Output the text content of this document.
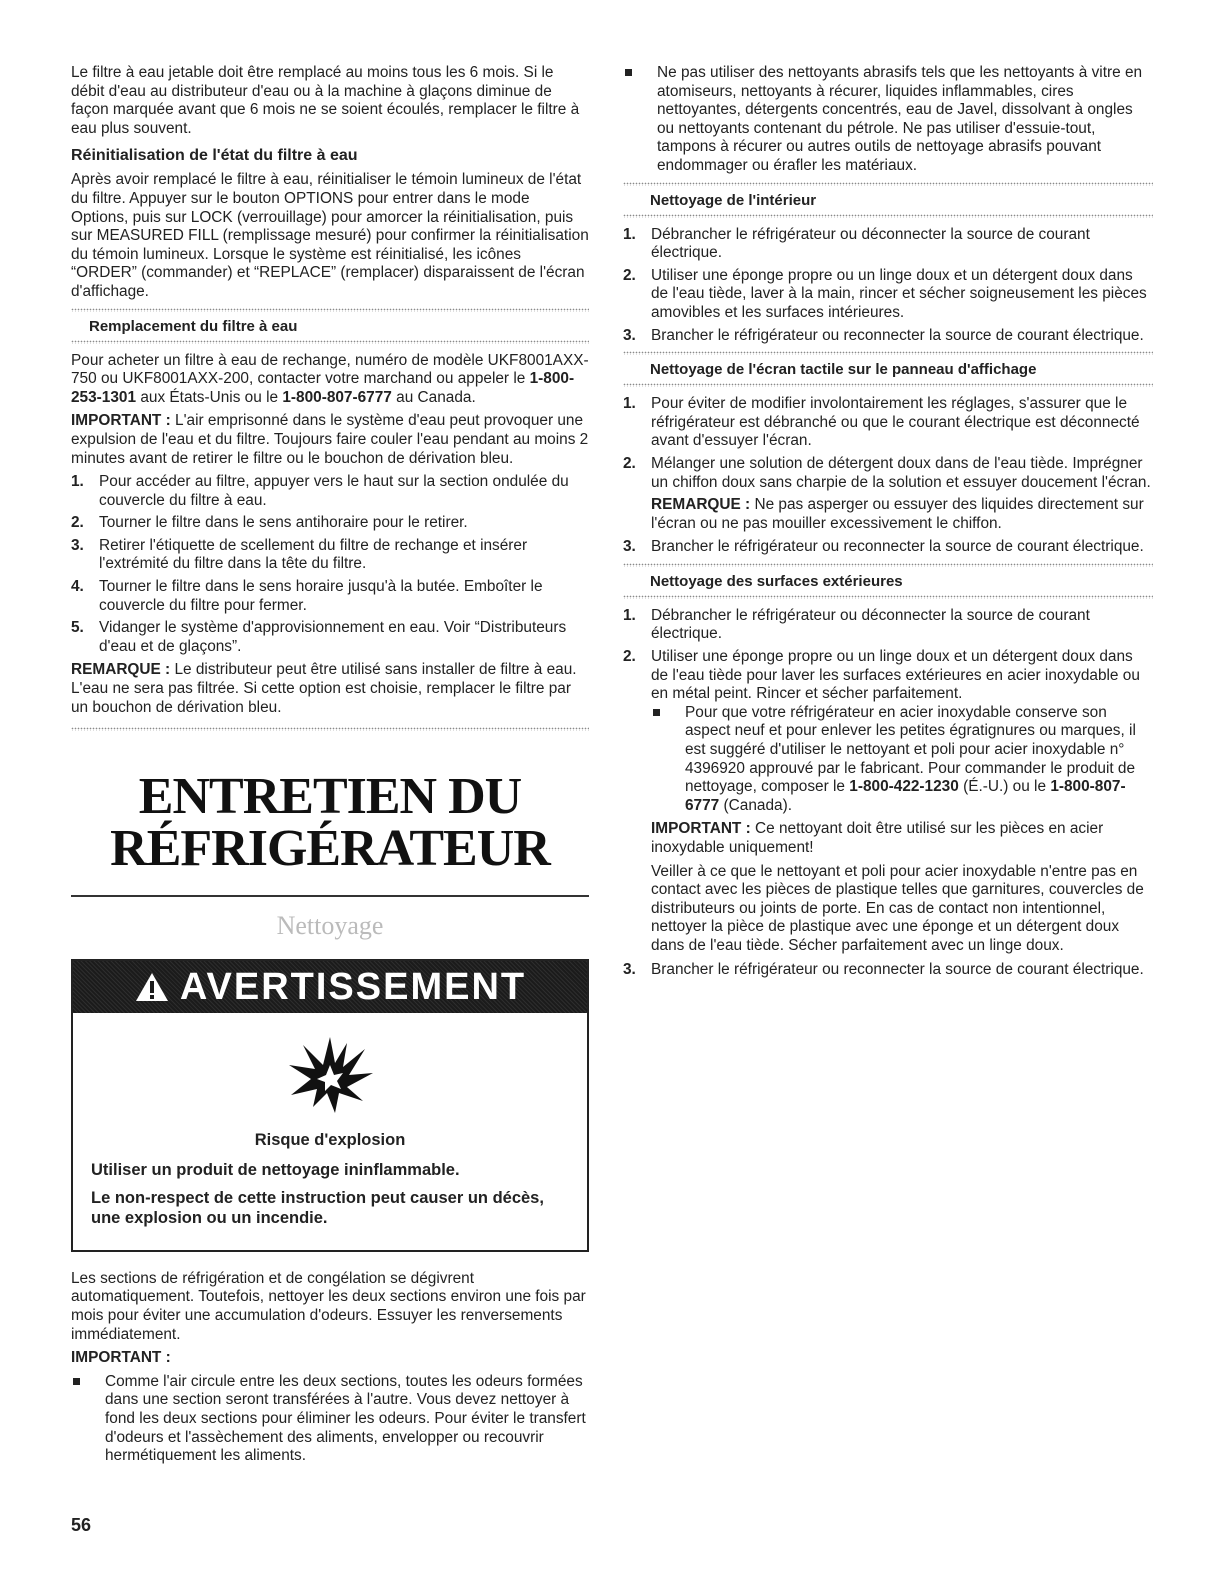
Le filtre à eau jetable doit être remplacé au moins tous les 6 mois. Si le débit d'eau au distributeur d'eau ou à la machine à glaçons diminue de façon marquée avant que 6 mois ne se soient écoulés, remplacer le filtre à eau plus souvent.

Réinitialisation de l'état du filtre à eau

Après avoir remplacé le filtre à eau, réinitialiser le témoin lumineux de l'état du filtre. Appuyer sur le bouton OPTIONS pour entrer dans le mode Options, puis sur LOCK (verrouillage) pour amorcer la réinitialisation, puis sur MEASURED FILL (remplissage mesuré) pour confirmer la réinitialisation du témoin lumineux. Lorsque le système est réinitialisé, les icônes “ORDER” (commander) et “REPLACE” (remplacer) disparaissent de l'écran d'affichage.

Remplacement du filtre à eau

Pour acheter un filtre à eau de rechange, numéro de modèle UKF8001AXX-750 ou UKF8001AXX-200, contacter votre marchand ou appeler le 1-800-253-1301 aux États-Unis ou le 1-800-807-6777 au Canada.

IMPORTANT : L'air emprisonné dans le système d'eau peut provoquer une expulsion de l'eau et du filtre. Toujours faire couler l'eau pendant au moins 2 minutes avant de retirer le filtre ou le bouchon de dérivation bleu.

1. Pour accéder au filtre, appuyer vers le haut sur la section ondulée du couvercle du filtre à eau.
2. Tourner le filtre dans le sens antihoraire pour le retirer.
3. Retirer l'étiquette de scellement du filtre de rechange et insérer l'extrémité du filtre dans la tête du filtre.
4. Tourner le filtre dans le sens horaire jusqu'à la butée. Emboîter le couvercle du filtre pour fermer.
5. Vidanger le système d'approvisionnement en eau. Voir “Distributeurs d'eau et de glaçons”.

REMARQUE : Le distributeur peut être utilisé sans installer de filtre à eau. L'eau ne sera pas filtrée. Si cette option est choisie, remplacer le filtre par un bouchon de dérivation bleu.

ENTRETIEN DU
RÉFRIGÉRATEUR
Nettoyage
AVERTISSEMENT

Risque d'explosion

Utiliser un produit de nettoyage ininflammable.

Le non-respect de cette instruction peut causer un décès, une explosion ou un incendie.

Les sections de réfrigération et de congélation se dégivrent automatiquement. Toutefois, nettoyer les deux sections environ une fois par mois pour éviter une accumulation d'odeurs. Essuyer les renversements immédiatement.

IMPORTANT :

Comme l'air circule entre les deux sections, toutes les odeurs formées dans une section seront transférées à l'autre. Vous devez nettoyer à fond les deux sections pour éliminer les odeurs. Pour éviter le transfert d'odeurs et l'assèchement des aliments, envelopper ou recouvrir hermétiquement les aliments.
Ne pas utiliser des nettoyants abrasifs tels que les nettoyants à vitre en atomiseurs, nettoyants à récurer, liquides inflammables, cires nettoyantes, détergents concentrés, eau de Javel, dissolvant à ongles ou nettoyants contenant du pétrole. Ne pas utiliser d'essuie-tout, tampons à récurer ou autres outils de nettoyage abrasifs pouvant endommager ou érafler les matériaux.
Nettoyage de l'intérieur
1. Débrancher le réfrigérateur ou déconnecter la source de courant électrique.
2. Utiliser une éponge propre ou un linge doux et un détergent doux dans de l'eau tiède, laver à la main, rincer et sécher soigneusement les pièces amovibles et les surfaces intérieures.
3. Brancher le réfrigérateur ou reconnecter la source de courant électrique.
Nettoyage de l'écran tactile sur le panneau d'affichage
1. Pour éviter de modifier involontairement les réglages, s'assurer que le réfrigérateur est débranché ou que le courant électrique est déconnecté avant d'essuyer l'écran.
2. Mélanger une solution de détergent doux dans de l'eau tiède. Imprégner un chiffon doux sans charpie de la solution et essuyer doucement l'écran.

REMARQUE : Ne pas asperger ou essuyer des liquides directement sur l'écran ou ne pas mouiller excessivement le chiffon.

3. Brancher le réfrigérateur ou reconnecter la source de courant électrique.
Nettoyage des surfaces extérieures
1. Débrancher le réfrigérateur ou déconnecter la source de courant électrique.
2. Utiliser une éponge propre ou un linge doux et un détergent doux dans de l'eau tiède pour laver les surfaces extérieures en acier inoxydable ou en métal peint. Rincer et sécher parfaitement.
Pour que votre réfrigérateur en acier inoxydable conserve son aspect neuf et pour enlever les petites égratignures ou marques, il est suggéré d'utiliser le nettoyant et poli pour acier inoxydable n° 4396920 approuvé par le fabricant. Pour commander le produit de nettoyage, composer le 1-800-422-1230 (É.-U.) ou le 1-800-807-6777 (Canada).

IMPORTANT : Ce nettoyant doit être utilisé sur les pièces en acier inoxydable uniquement!

Veiller à ce que le nettoyant et poli pour acier inoxydable n'entre pas en contact avec les pièces de plastique telles que garnitures, couvercles de distributeurs ou joints de porte. En cas de contact non intentionnel, nettoyer la pièce de plastique avec une éponge et un détergent doux dans de l'eau tiède. Sécher parfaitement avec un linge doux.

3. Brancher le réfrigérateur ou reconnecter la source de courant électrique.
56
